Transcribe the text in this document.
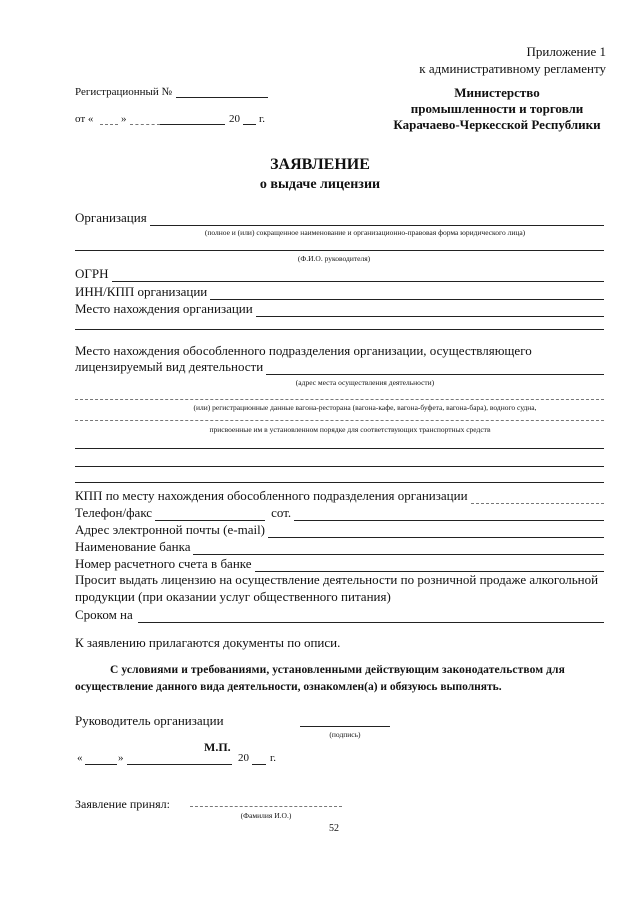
Приложение 1
к административному регламенту
Регистрационный №
от «	»	20 г.
Министерство
промышленности и торговли
Карачаево-Черкесской Республики
ЗАЯВЛЕНИЕ
о выдаче лицензии
Организация
(полное и (или) сокращенное наименование и организационно-правовая форма юридического лица)
(Ф.И.О. руководителя)
ОГРН
ИНН/КПП организации
Место нахождения организации
Место нахождения обособленного подразделения организации, осуществляющего
лицензируемый вид деятельности
(адрес места осуществления деятельности)
(или) регистрационные данные вагона-ресторана (вагона-кафе, вагона-буфета, вагона-бара), водного судна,
присвоенные им в установленном порядке для соответствующих транспортных средств
КПП по месту нахождения обособленного подразделения организации
Телефон/факс	сот.
Адрес электронной почты (e-mail)
Наименование банка
Номер расчетного счета в банке
Просит выдать лицензию на осуществление деятельности по розничной продаже алкогольной
продукции (при оказании услуг общественного питания)
Сроком на
К заявлению прилагаются документы по описи.
С условиями и требованиями, установленными действующим законодательством для
осуществление данного вида деятельности, ознакомлен(а) и обязуюсь выполнять.
Руководитель организации
(подпись)
М.П.
«	»	20 г.
Заявление принял:
(Фамилия И.О.)
52
